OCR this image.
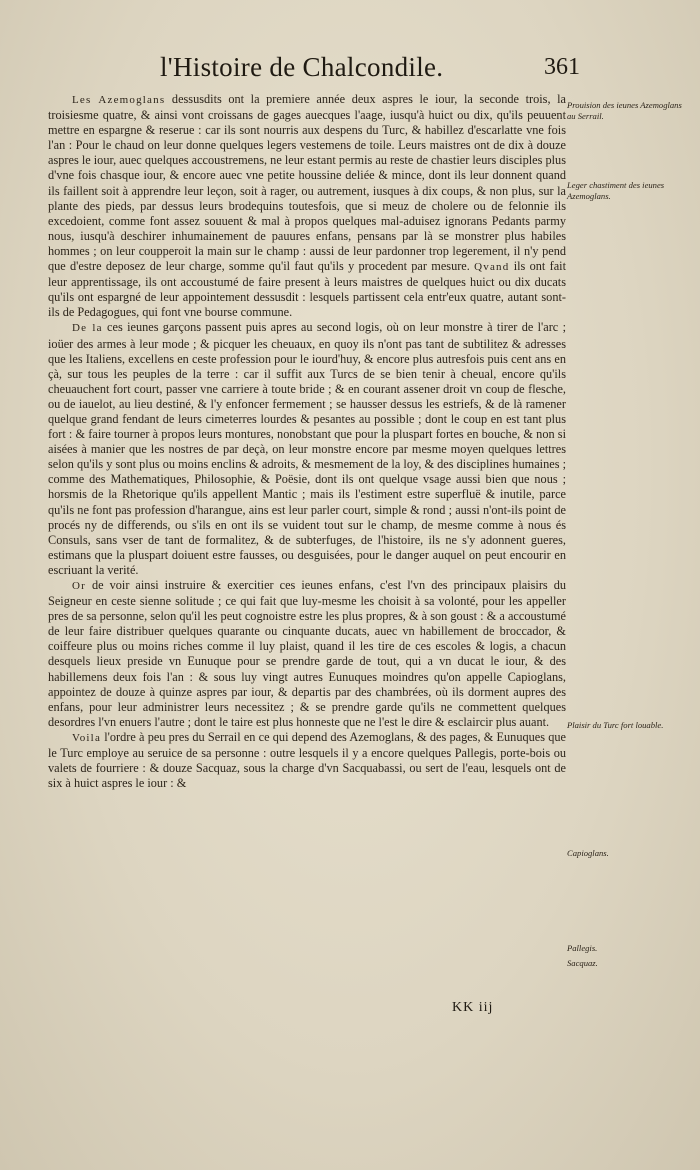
l'Histoire de Chalcondile.	361

Les Azemoglans dessusdits ont la premiere année deux aspres le iour, la seconde trois, la troisiesme quatre, & ainsi vont croissans de gages auecques l'aage, iusqu'à huict ou dix, qu'ils peuuent mettre en espargne & reserue : car ils sont nourris aux despens du Turc, & habillez d'escarlatte vne fois l'an : Pour le chaud on leur donne quelques legers vestemens de toile. Leurs maistres ont de dix à douze aspres le iour, auec quelques accoustremens, ne leur estant permis au reste de chastier leurs disciples plus d'vne fois chasque iour, & encore auec vne petite houssine deliée & mince, dont ils leur donnent quand ils faillent soit à apprendre leur leçon, soit à rager, ou autrement, iusques à dix coups, & non plus, sur la plante des pieds, par dessus leurs brodequins toutesfois, que si meuz de cholere ou de felonnie ils excedoient, comme font assez souuent & mal à propos quelques mal-aduisez ignorans Pedants parmy nous, iusqu'à deschirer inhumainement de pauures enfans, pensans par là se monstrer plus habiles hommes ; on leur coupperoit la main sur le champ : aussi de leur pardonner trop legerement, il n'y pend que d'estre deposez de leur charge, somme qu'il faut qu'ils y procedent par mesure. Qvand ils ont fait leur apprentissage, ils ont accoustumé de faire present à leurs maistres de quelques huict ou dix ducats qu'ils ont espargné de leur appointement dessusdit : lesquels partissent cela entr'eux quatre, autant sont-ils de Pedagogues, qui font vne bourse commune.

De la ces ieunes garçons passent puis apres au second logis, où on leur monstre à tirer de l'arc ; ioüer des armes à leur mode ; & picquer les cheuaux, en quoy ils n'ont pas tant de subtilitez & adresses que les Italiens, excellens en ceste profession pour le iourd'huy, & encore plus autresfois puis cent ans en çà, sur tous les peuples de la terre : car il suffit aux Turcs de se bien tenir à cheual, encore qu'ils cheuauchent fort court, passer vne carriere à toute bride ; & en courant assener droit vn coup de flesche, ou de iauelot, au lieu destiné, & l'y enfoncer fermement ; se hausser dessus les estriefs, & de là ramener quelque grand fendant de leurs cimeterres lourdes & pesantes au possible ; dont le coup en est tant plus fort : & faire tourner à propos leurs montures, nonobstant que pour la pluspart fortes en bouche, & non si aisées à manier que les nostres de par deçà, on leur monstre encore par mesme moyen quelques lettres selon qu'ils y sont plus ou moins enclins & adroits, & mesmement de la loy, & des disciplines humaines ; comme des Mathematiques, Philosophie, & Poësie, dont ils ont quelque vsage aussi bien que nous ; horsmis de la Rhetorique qu'ils appellent Mantic ; mais ils l'estiment estre superfluë & inutile, parce qu'ils ne font pas profession d'harangue, ains est leur parler court, simple & rond ; aussi n'ont-ils point de procés ny de differends, ou s'ils en ont ils se vuident tout sur le champ, de mesme comme à nous és Consuls, sans vser de tant de formalitez, & de subterfuges, de l'histoire, ils ne s'y adonnent gueres, estimans que la pluspart doiuent estre fausses, ou desguisées, pour le danger auquel on peut encourir en escriuant la verité.

Or de voir ainsi instruire & exercitier ces ieunes enfans, c'est l'vn des principaux plaisirs du Seigneur en ceste sienne solitude ; ce qui fait que luy-mesme les choisit à sa volonté, pour les appeller pres de sa personne, selon qu'il les peut cognoistre estre les plus propres, & à son goust : & a accoustumé de leur faire distribuer quelques quarante ou cinquante ducats, auec vn habillement de broccador, & coiffeure plus ou moins riches comme il luy plaist, quand il les tire de ces escoles & logis, a chacun desquels lieux preside vn Eunuque pour se prendre garde de tout, qui a vn ducat le iour, & des habillemens deux fois l'an : & sous luy vingt autres Eunuques moindres qu'on appelle Capioglans, appointez de douze à quinze aspres par iour, & departis par des chambrées, où ils dorment aupres des enfans, pour leur administrer leurs necessitez ; & se prendre garde qu'ils ne commettent quelques desordres l'vn enuers l'autre ; dont le taire est plus honneste que ne l'est le dire & esclaircir plus auant.

Voila l'ordre à peu pres du Serrail en ce qui depend des Azemoglans, & des pages, & Eunuques que le Turc employe au seruice de sa personne : outre lesquels il y a encore quelques Pallegis, porte-bois ou valets de fourriere : & douze Sacquaz, sous la charge d'vn Sacquabassi, ou sert de l'eau, lesquels ont de six à huict aspres le iour : &

Prouision des ieunes Azemoglans au Serrail.
Leger chastiment des ieunes Azemoglans.
Plaisir du Turc fort louable.
Capioglans.
Pallegis.
Sacquaz.
KK iij
